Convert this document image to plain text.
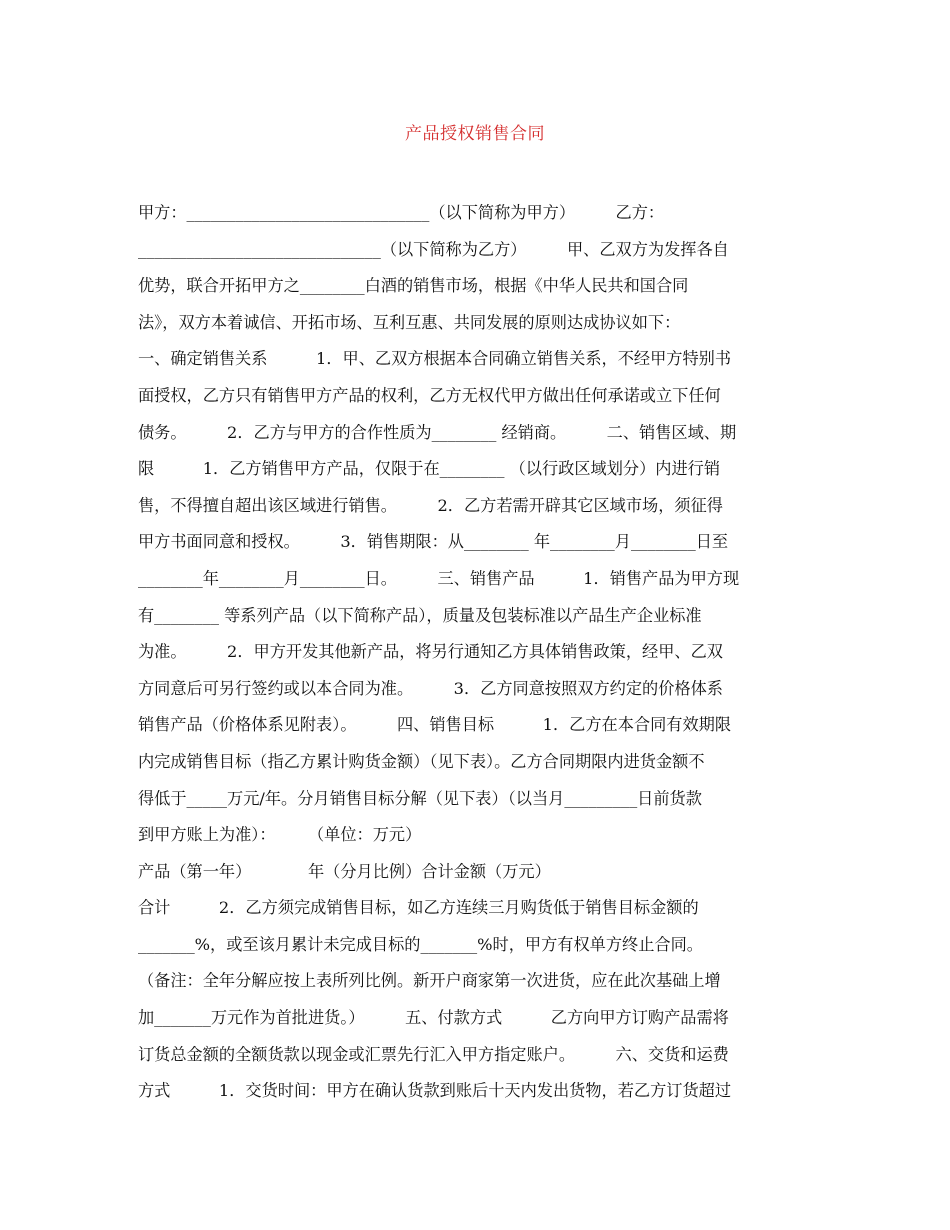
产品授权销售合同
甲方：______________________________（以下简称为甲方）　　　乙方：
______________________________（以下简称为乙方）　　　甲、乙双方为发挥各自
优势，联合开拓甲方之________白酒的销售市场，根据《中华人民共和国合同
法》，双方本着诚信、开拓市场、互利互惠、共同发展的原则达成协议如下：
一、确定销售关系　　　1．甲、乙双方根据本合同确立销售关系，不经甲方特别书
面授权，乙方只有销售甲方产品的权利，乙方无权代甲方做出任何承诺或立下任何
债务。　　　2．乙方与甲方的合作性质为________ 经销商。　　　二、销售区域、期
限　　　1．乙方销售甲方产品，仅限于在________ （以行政区域划分）内进行销
售，不得擅自超出该区域进行销售。　　　2．乙方若需开辟其它区域市场，须征得
甲方书面同意和授权。　　　3．销售期限：从________ 年________月________日至
________年________月________日。　　　三、销售产品　　　1．销售产品为甲方现
有________ 等系列产品（以下简称产品），质量及包装标准以产品生产企业标准
为准。　　　2．甲方开发其他新产品，将另行通知乙方具体销售政策，经甲、乙双
方同意后可另行签约或以本合同为准。　　　3．乙方同意按照双方约定的价格体系
销售产品（价格体系见附表）。　　　四、销售目标　　　1．乙方在本合同有效期限
内完成销售目标（指乙方累计购货金额）（见下表）。乙方合同期限内进货金额不
得低于_____万元/年。分月销售目标分解（见下表）（以当月_________日前货款
到甲方账上为准）：　　　（单位：万元）
产品（第一年）　　　　年（分月比例）合计金额（万元）
合计　　　2．乙方须完成销售目标，如乙方连续三月购货低于销售目标金额的
_______%，或至该月累计未完成目标的_______%时，甲方有权单方终止合同。
（备注：全年分解应按上表所列比例。新开户商家第一次进货，应在此次基础上增
加_______万元作为首批进货。）　　　五、付款方式　　　乙方向甲方订购产品需将
订货总金额的全额货款以现金或汇票先行汇入甲方指定账户。　　　六、交货和运费
方式　　　1．交货时间：甲方在确认货款到账后十天内发出货物，若乙方订货超过
